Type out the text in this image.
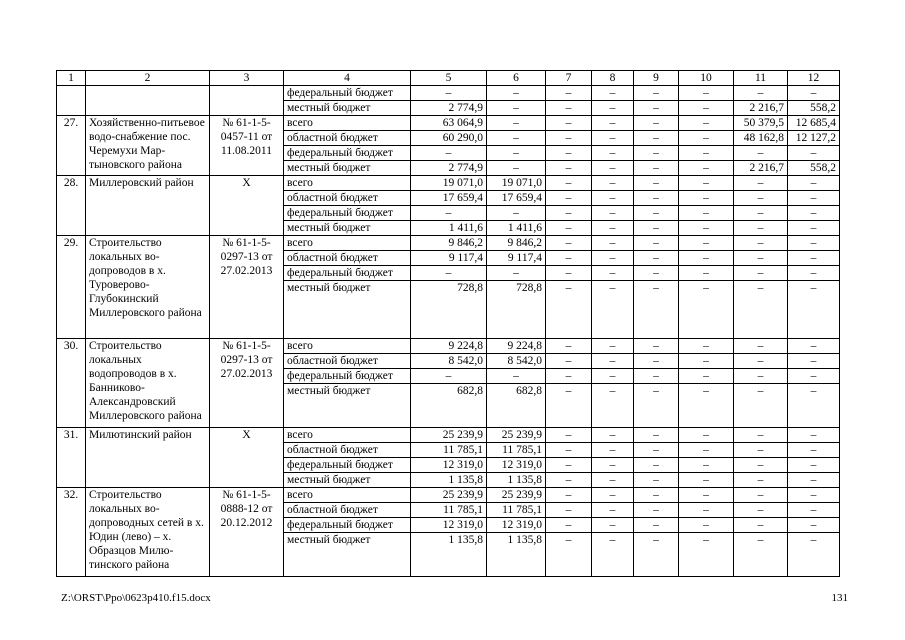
1	2	3	4	5	6	7	8	9	10	11	12
			федеральный бюджет	–	–	–	–	–	–	–	–
			местный бюджет	2 774,9	–	–	–	–	–	2 216,7	558,2
27.	Хозяйственно-питьевое водо-снабжение пос. Черемухи Мар-тыновского района	№ 61-1-5-0457-11 от 11.08.2011	всего	63 064,9	–	–	–	–	–	50 379,5	12 685,4
			областной бюджет	60 290,0	–	–	–	–	–	48 162,8	12 127,2
			федеральный бюджет	–	–	–	–	–	–	–	–
			местный бюджет	2 774,9	–	–	–	–	–	2 216,7	558,2
28.	Миллеровский район	Х	всего	19 071,0	19 071,0	–	–	–	–	–	–
			областной бюджет	17 659,4	17 659,4	–	–	–	–	–	–
			федеральный бюджет	–	–	–	–	–	–	–	–
			местный бюджет	1 411,6	1 411,6	–	–	–	–	–	–
29.	Строительство локальных во-допроводов в х. Туроверово-Глубокинский Миллеровского района	№ 61-1-5-0297-13 от 27.02.2013	всего	9 846,2	9 846,2	–	–	–	–	–	–
			областной бюджет	9 117,4	9 117,4	–	–	–	–	–	–
			федеральный бюджет	–	–	–	–	–	–	–	–
			местный бюджет	728,8	728,8	–	–	–	–	–	–
30.	Строительство локальных водопроводов в х. Банниково-Александровский Миллеровского района	№ 61-1-5-0297-13 от 27.02.2013	всего	9 224,8	9 224,8	–	–	–	–	–	–
			областной бюджет	8 542,0	8 542,0	–	–	–	–	–	–
			федеральный бюджет	–	–	–	–	–	–	–	–
			местный бюджет	682,8	682,8	–	–	–	–	–	–
31.	Милютинский район	Х	всего	25 239,9	25 239,9	–	–	–	–	–	–
			областной бюджет	11 785,1	11 785,1	–	–	–	–	–	–
			федеральный бюджет	12 319,0	12 319,0	–	–	–	–	–	–
			местный бюджет	1 135,8	1 135,8	–	–	–	–	–	–
32.	Строительство локальных во-допроводных сетей в х. Юдин (лево) – х. Образцов Милю-тинского района	№ 61-1-5-0888-12 от 20.12.2012	всего	25 239,9	25 239,9	–	–	–	–	–	–
			областной бюджет	11 785,1	11 785,1	–	–	–	–	–	–
			федеральный бюджет	12 319,0	12 319,0	–	–	–	–	–	–
			местный бюджет	1 135,8	1 135,8	–	–	–	–	–	–
Z:\ORST\Ppo\0623p410.f15.docx	131
